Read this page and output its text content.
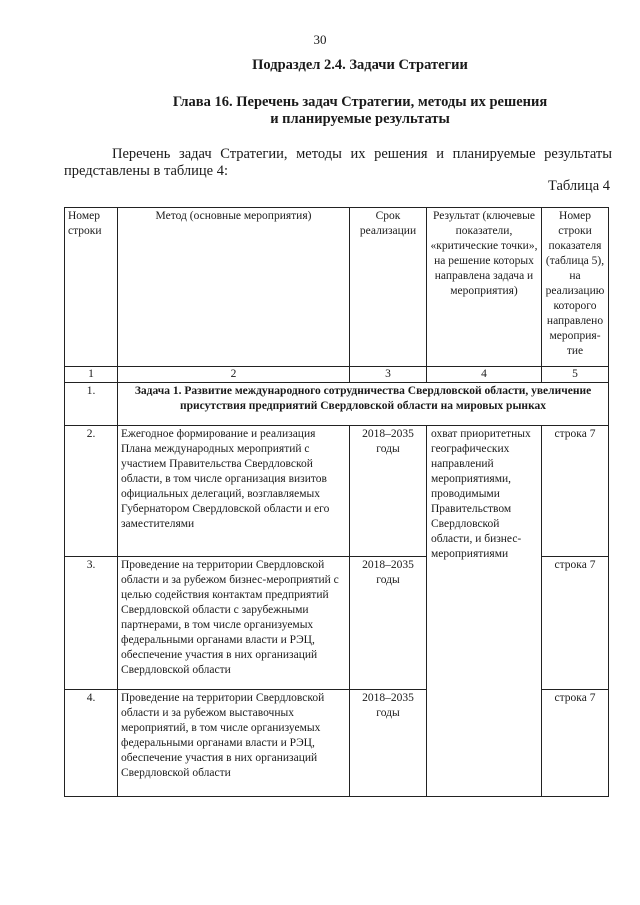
30
Подраздел 2.4. Задачи Стратегии
Глава 16. Перечень задач Стратегии, методы их решения
и планируемые результаты
Перечень задач Стратегии, методы их решения и планируемые результаты представлены в таблице 4:
Таблица 4
Номер строки	Метод (основные мероприятия)	Срок реализации	Результат (ключевые показатели, «критические точки», на решение которых направлена задача и мероприятия)	Номер строки показателя (таблица 5), на реализацию которого направлено мероприя-тие
1	2	3	4	5
1.	Задача 1. Развитие международного сотрудничества Свердловской области, увеличение присутствия предприятий Свердловской области на мировых рынках			
2.	Ежегодное формирование и реализация Плана международных мероприятий с участием Правительства Свердловской области, в том числе организация визитов официальных делегаций, возглавляемых Губернатором Свердловской области и его заместителями	2018–2035 годы	охват приоритетных географических направлений мероприятиями, проводимыми Правительством Свердловской области, и бизнес-мероприятиями	строка 7
3.	Проведение на территории Свердловской области и за рубежом бизнес-мероприятий с целью содействия контактам предприятий Свердловской области с зарубежными партнерами, в том числе организуемых федеральными органами власти и РЭЦ, обеспечение участия в них организаций Свердловской области	2018–2035 годы		строка 7
4.	Проведение на территории Свердловской области и за рубежом выставочных мероприятий, в том числе организуемых федеральными органами власти и РЭЦ, обеспечение участия в них организаций Свердловской области	2018–2035 годы		строка 7
